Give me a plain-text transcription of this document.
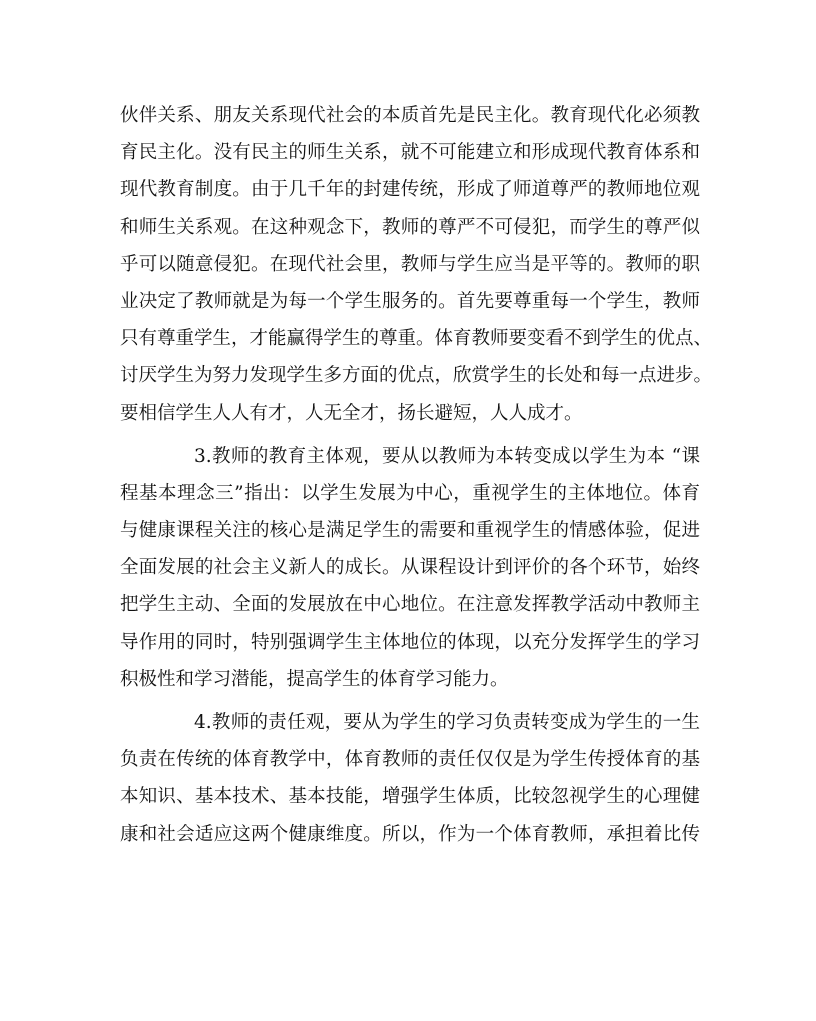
伙伴关系、朋友关系现代社会的本质首先是民主化。教育现代化必须教
育民主化。没有民主的师生关系，就不可能建立和形成现代教育体系和
现代教育制度。由于几千年的封建传统，形成了师道尊严的教师地位观
和师生关系观。在这种观念下，教师的尊严不可侵犯，而学生的尊严似
乎可以随意侵犯。在现代社会里，教师与学生应当是平等的。教师的职
业决定了教师就是为每一个学生服务的。首先要尊重每一个学生，教师
只有尊重学生，才能赢得学生的尊重。体育教师要变看不到学生的优点、
讨厌学生为努力发现学生多方面的优点，欣赏学生的长处和每一点进步。
要相信学生人人有才，人无全才，扬长避短，人人成才。
3.教师的教育主体观，要从以教师为本转变成以学生为本 “课
程基本理念三”指出：以学生发展为中心，重视学生的主体地位。体育
与健康课程关注的核心是满足学生的需要和重视学生的情感体验，促进
全面发展的社会主义新人的成长。从课程设计到评价的各个环节，始终
把学生主动、全面的发展放在中心地位。在注意发挥教学活动中教师主
导作用的同时，特别强调学生主体地位的体现，以充分发挥学生的学习
积极性和学习潜能，提高学生的体育学习能力。
4.教师的责任观，要从为学生的学习负责转变成为学生的一生
负责在传统的体育教学中，体育教师的责任仅仅是为学生传授体育的基
本知识、基本技术、基本技能，增强学生体质，比较忽视学生的心理健
康和社会适应这两个健康维度。所以，作为一个体育教师，承担着比传
